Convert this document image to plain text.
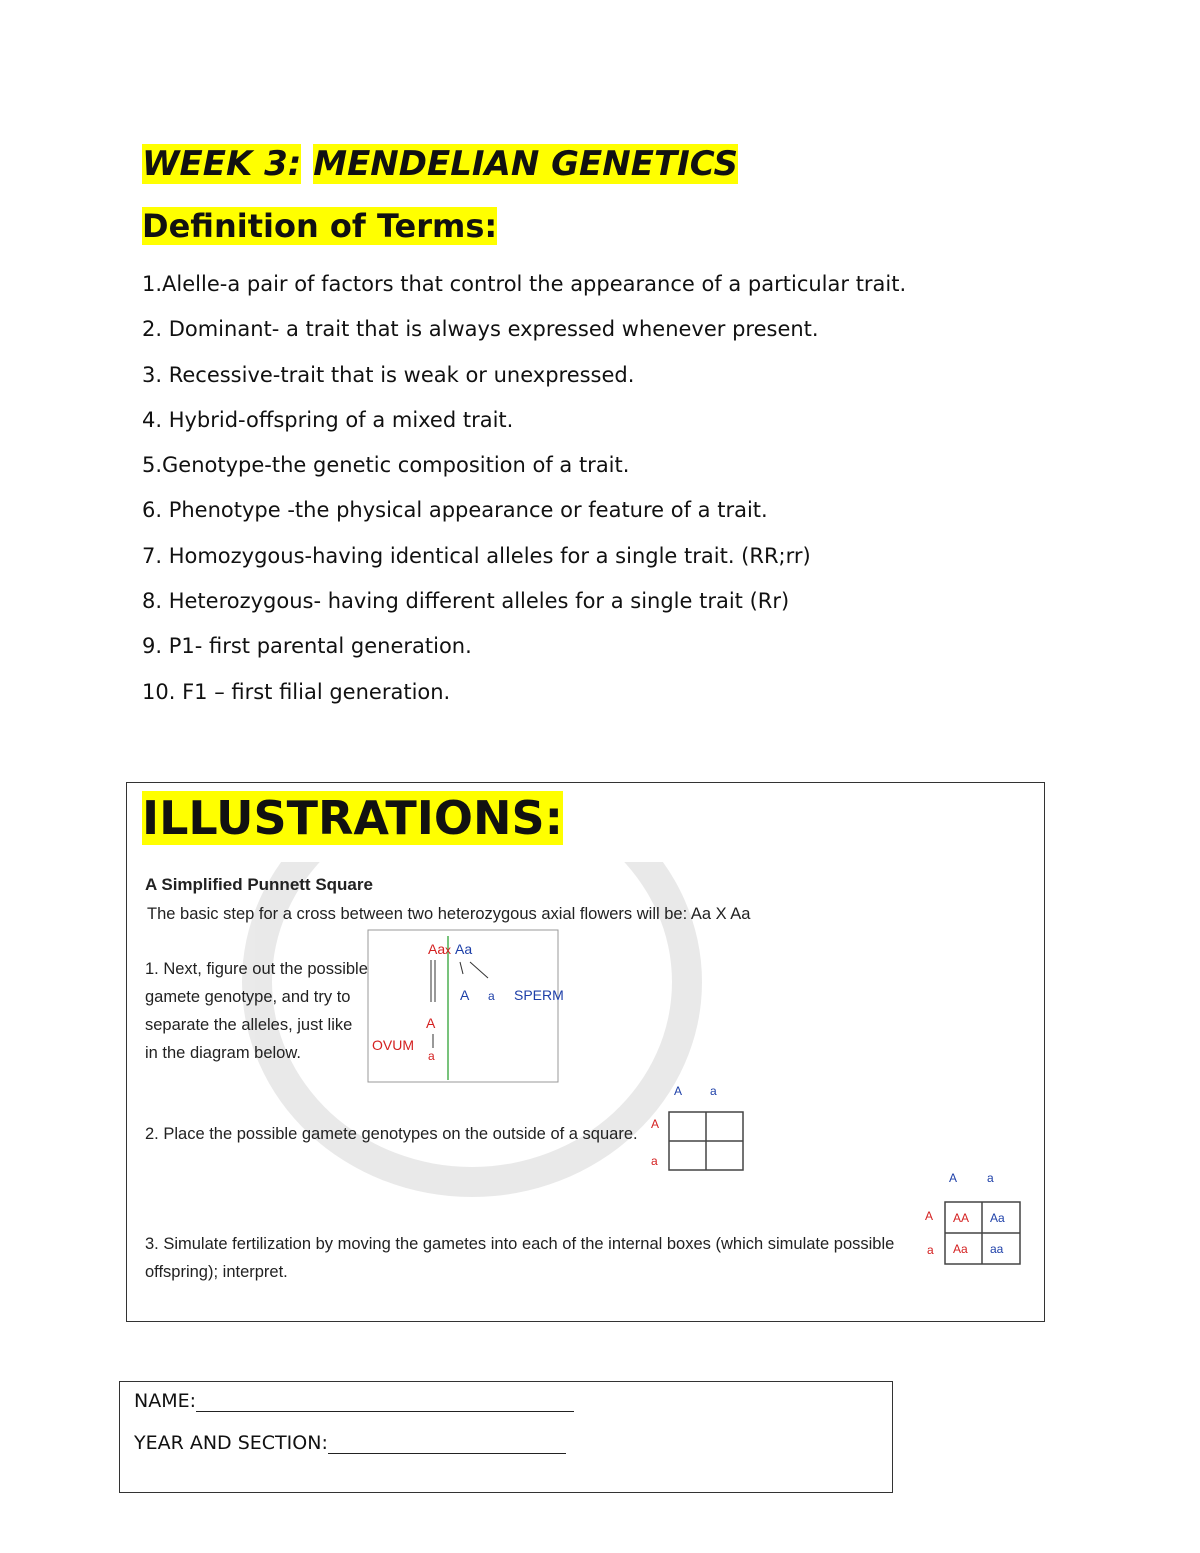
WEEK 3: MENDELIAN GENETICS
Definition of Terms:
1.Alelle-a pair of factors that control the appearance of a particular trait.
2. Dominant- a trait that is always expressed whenever present.
3. Recessive-trait that is weak or unexpressed.
4. Hybrid-offspring of a mixed trait.
5.Genotype-the genetic composition of a trait.
6. Phenotype -the physical appearance or feature of a trait.
7. Homozygous-having identical alleles for a single trait. (RR;rr)
8. Heterozygous- having different alleles for a single trait (Rr)
9. P1- first parental generation.
10. F1 – first filial generation.
ILLUSTRATIONS:
A Simplified Punnett Square
The basic step for a cross between two heterozygous axial flowers will be: Aa X Aa
1. Next, figure out the possible
gamete genotype, and try to
separate the alleles, just like
in the diagram below.
Aa x Aa
A a SPERM
A
OVUM
a
2. Place the possible gamete genotypes on the outside of a square.
A a
A
a
A a
A
a
AA Aa
Aa aa
3. Simulate fertilization by moving the gametes into each of the internal boxes (which simulate possible
offspring); interpret.
NAME:
YEAR AND SECTION:
